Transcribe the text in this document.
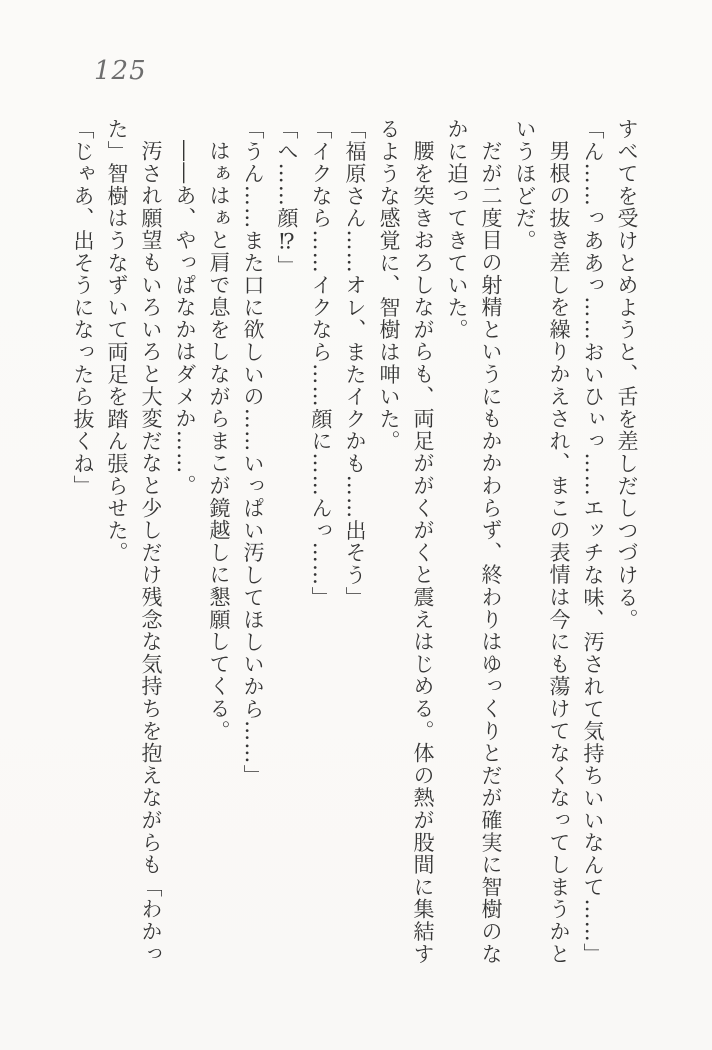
125

すべてを受けとめようと、舌を差しだしつづける。

「ん……っああっ……おいひぃっ……エッチな味、汚されて気持ちいいなんて……」

男根の抜き差しを繰りかえされ、まこの表情は今にも蕩けてなくなってしまうかと

いうほどだ。

だが二度目の射精というにもかかわらず、終わりはゆっくりとだが確実に智樹のな

かに迫ってきていた。

腰を突きおろしながらも、両足ががくがくと震えはじめる。体の熱が股間に集結す

るような感覚に、智樹は呻いた。

「福原さん……オレ、またイクかも……出そう」

「イクなら……イクなら……顔に……んっ……」

「へ……顔⁉」

「うん……また口に欲しいの……いっぱい汚してほしいから……」

はぁはぁと肩で息をしながらまこが鏡越しに懇願してくる。

――あ、やっぱなかはダメか……。

汚され願望もいろいろと大変だなと少しだけ残念な気持ちを抱えながらも「わかっ

た」智樹はうなずいて両足を踏ん張らせた。

「じゃあ、出そうになったら抜くね」
